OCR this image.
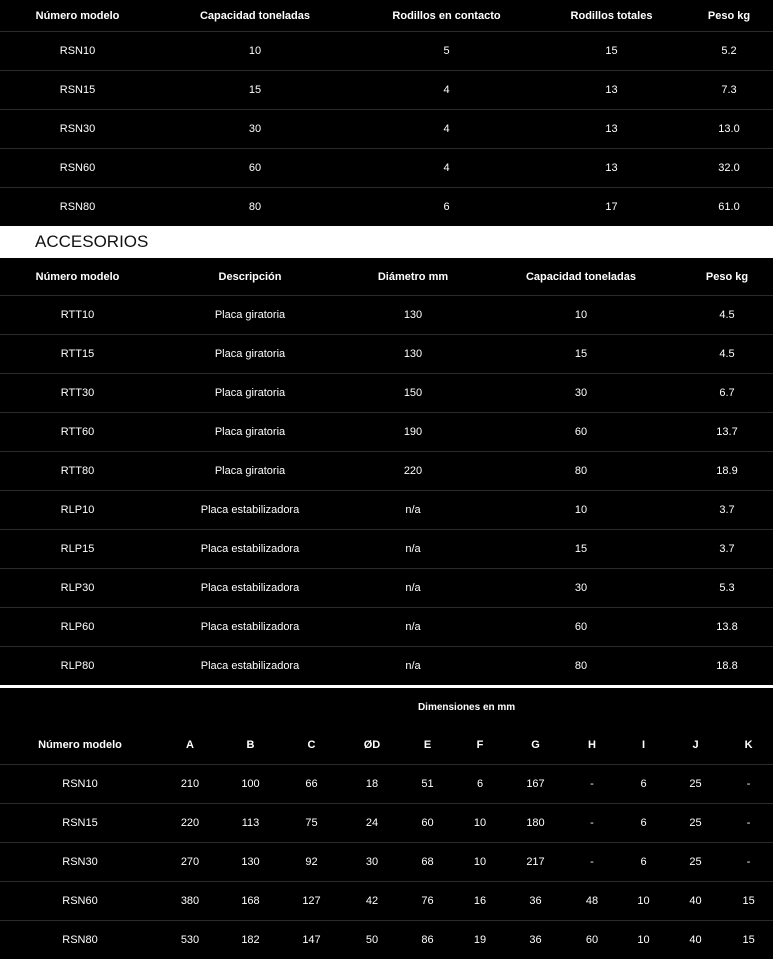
Número modelo	Capacidad toneladas	Rodillos en contacto	Rodillos totales	Peso kg
RSN10	10	5	15	5.2
RSN15	15	4	13	7.3
RSN30	30	4	13	13.0
RSN60	60	4	13	32.0
RSN80	80	6	17	61.0
ACCESORIOS
Número modelo	Descripción	Diámetro mm	Capacidad toneladas	Peso kg
RTT10	Placa giratoria	130	10	4.5
RTT15	Placa giratoria	130	15	4.5
RTT30	Placa giratoria	150	30	6.7
RTT60	Placa giratoria	190	60	13.7
RTT80	Placa giratoria	220	80	18.9
RLP10	Placa estabilizadora	n/a	10	3.7
RLP15	Placa estabilizadora	n/a	15	3.7
RLP30	Placa estabilizadora	n/a	30	5.3
RLP60	Placa estabilizadora	n/a	60	13.8
RLP80	Placa estabilizadora	n/a	80	18.8
	Dimensiones en mm										
Número modelo	A	B	C	ØD	E	F	G	H	I	J	K
RSN10	210	100	66	18	51	6	167	-	6	25	-
RSN15	220	113	75	24	60	10	180	-	6	25	-
RSN30	270	130	92	30	68	10	217	-	6	25	-
RSN60	380	168	127	42	76	16	36	48	10	40	15
RSN80	530	182	147	50	86	19	36	60	10	40	15
